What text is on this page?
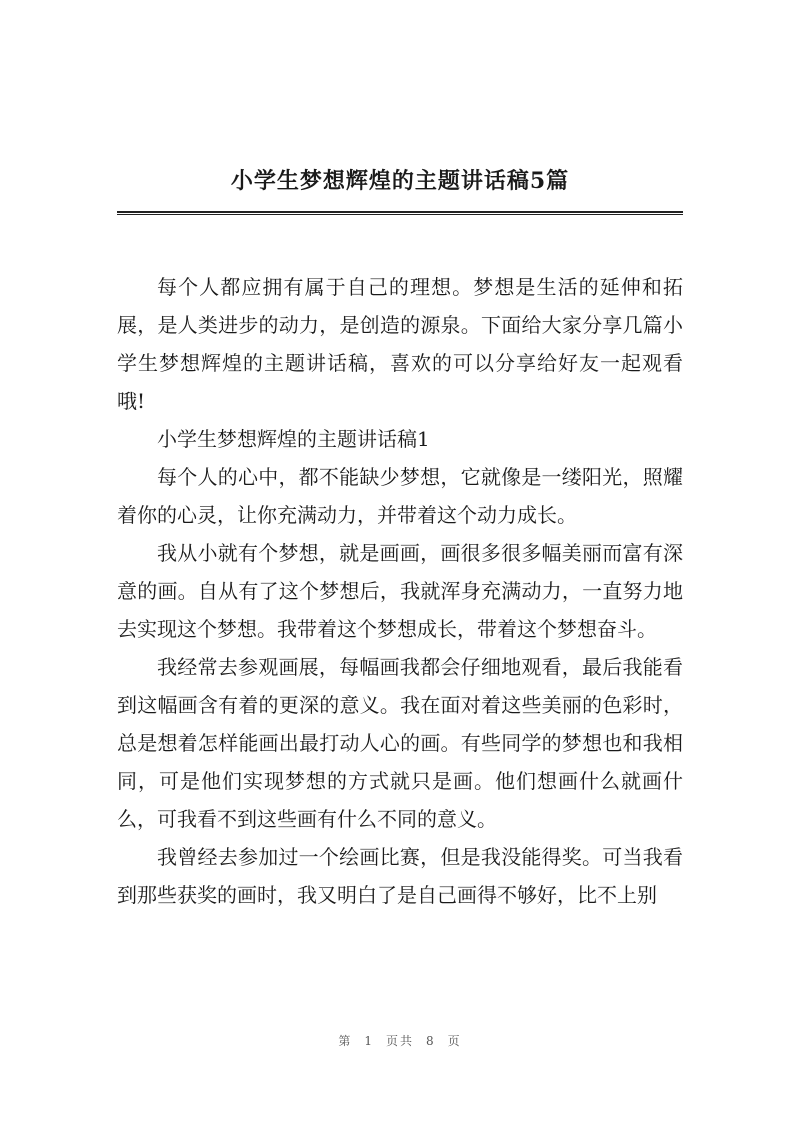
小学生梦想辉煌的主题讲话稿5篇

每个人都应拥有属于自己的理想。梦想是生活的延伸和拓展，是人类进步的动力，是创造的源泉。下面给大家分享几篇小学生梦想辉煌的主题讲话稿，喜欢的可以分享给好友一起观看哦!

小学生梦想辉煌的主题讲话稿1

每个人的心中，都不能缺少梦想，它就像是一缕阳光，照耀着你的心灵，让你充满动力，并带着这个动力成长。

我从小就有个梦想，就是画画，画很多很多幅美丽而富有深意的画。自从有了这个梦想后，我就浑身充满动力，一直努力地去实现这个梦想。我带着这个梦想成长，带着这个梦想奋斗。

我经常去参观画展，每幅画我都会仔细地观看，最后我能看到这幅画含有着的更深的意义。我在面对着这些美丽的色彩时，总是想着怎样能画出最打动人心的画。有些同学的梦想也和我相同，可是他们实现梦想的方式就只是画。他们想画什么就画什么，可我看不到这些画有什么不同的意义。

我曾经去参加过一个绘画比赛，但是我没能得奖。可当我看到那些获奖的画时，我又明白了是自己画得不够好，比不上别

第 1 页共 8 页
